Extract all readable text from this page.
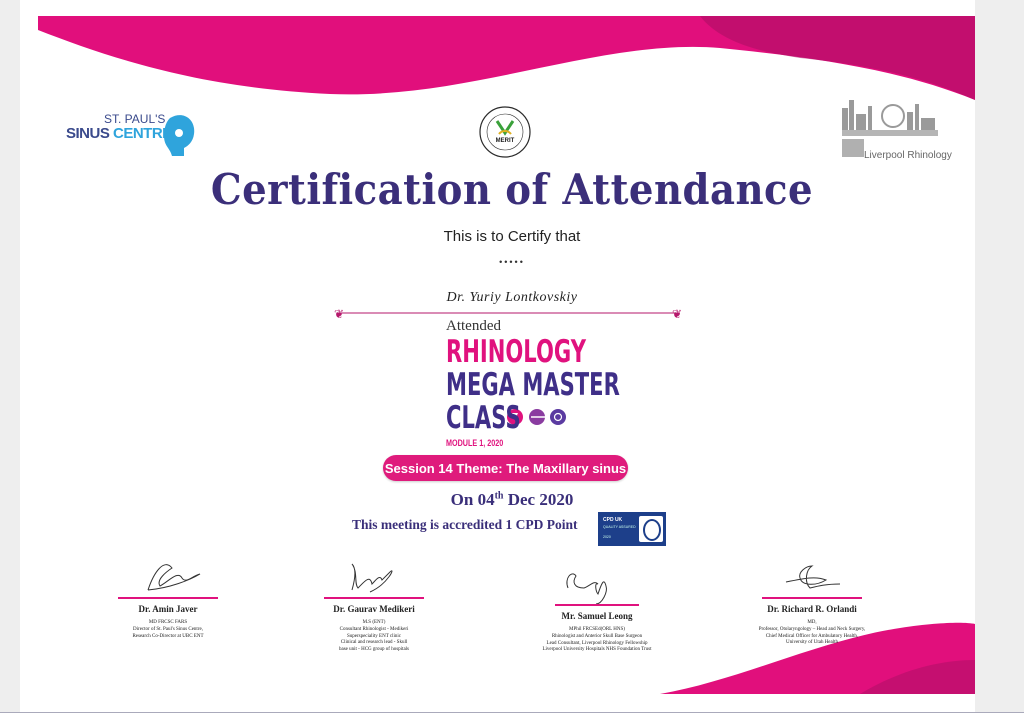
❦	❦
ST. PAUL'S
SINUS CENTRE	MERIT
Liverpool Rhinology
Certification of Attendance
This is to Certify that
•••••
Dr. Yuriy Lontkovskiy
Attended
RHINOLOGY
MEGA MASTER
CLASS
MODULE 1, 2020
Session 14 Theme: The Maxillary sinus
On 04th Dec 2020
This meeting is accredited 1 CPD Point	CPD UK
QUALITY ASSURED
2020
Dr. Amin Javer
MD FRCSC FARS
Director of St. Paul's Sinus Centre,
Research Co-Director at UBC ENT
Dr. Gaurav Medikeri
M.S (ENT)
Consultant Rhinologist - Medikeri
Superspeciality ENT clinic
Clinical and research lead - Skull
base unit - HCG group of hospitals
Mr. Samuel Leong
MPhil FRCSEd(ORL HNS)
Rhinologist and Anterior Skull Base Surgeon
Lead Consultant, Liverpool Rhinology Fellowship
Liverpool University Hospitals NHS Foundation Trust
Dr. Richard R. Orlandi
MD,
Professor, Otolaryngology – Head and Neck Surgery,
Chief Medical Officer for Ambulatory Health,
University of Utah Health
